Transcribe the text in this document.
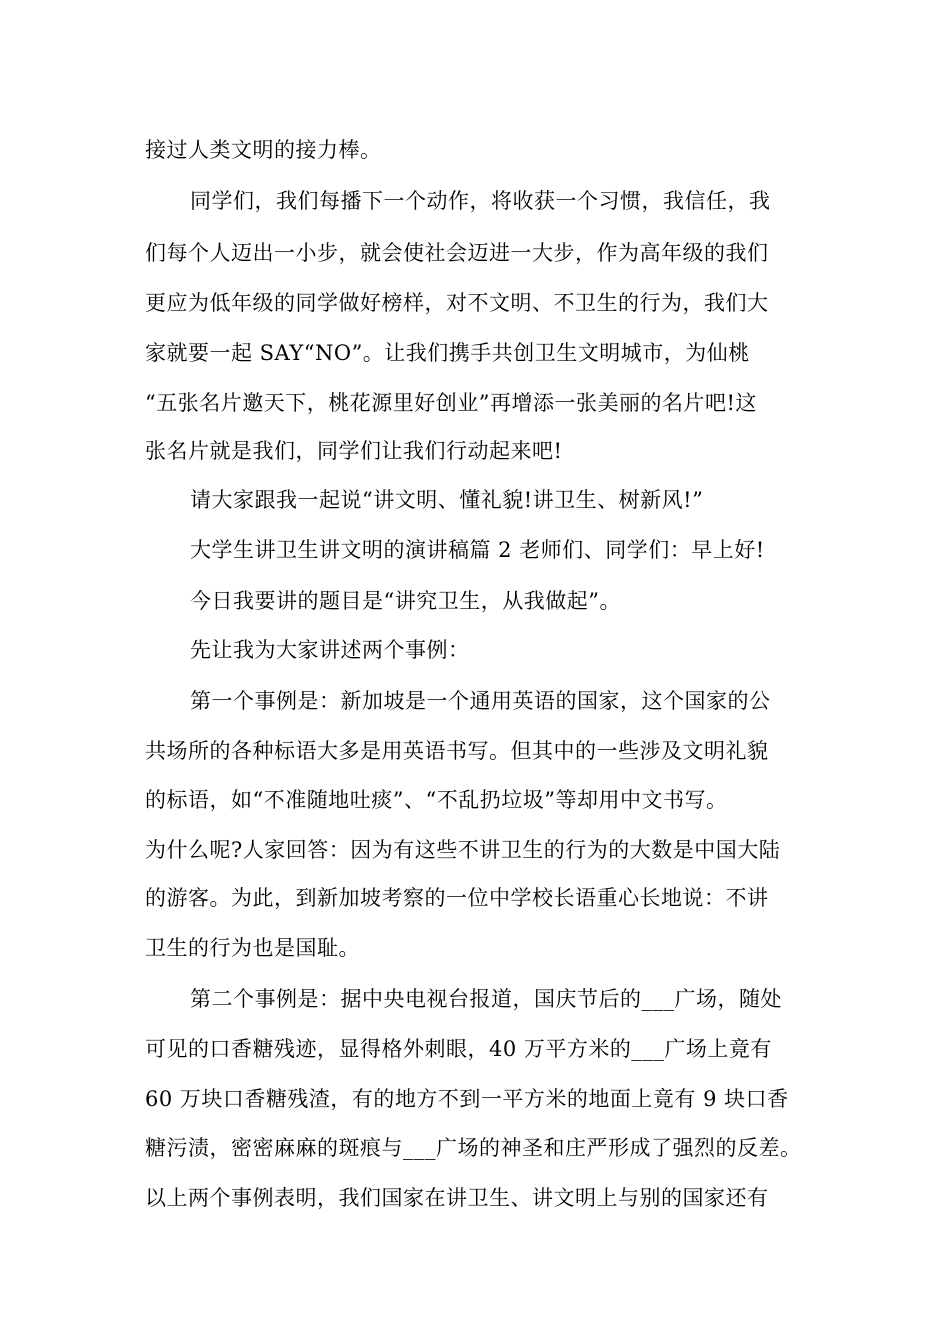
接过人类文明的接力棒。
同学们，我们每播下一个动作，将收获一个习惯，我信任，我
们每个人迈出一小步，就会使社会迈进一大步，作为高年级的我们
更应为低年级的同学做好榜样，对不文明、不卫生的行为，我们大
家就要一起 SAY“NO”。让我们携手共创卫生文明城市，为仙桃
“五张名片邀天下，桃花源里好创业”再增添一张美丽的名片吧!这
张名片就是我们，同学们让我们行动起来吧!
请大家跟我一起说“讲文明、懂礼貌!讲卫生、树新风!”
大学生讲卫生讲文明的演讲稿篇 2 老师们、同学们：早上好!
今日我要讲的题目是“讲究卫生，从我做起”。
先让我为大家讲述两个事例：
第一个事例是：新加坡是一个通用英语的国家，这个国家的公
共场所的各种标语大多是用英语书写。但其中的一些涉及文明礼貌
的标语，如“不准随地吐痰”、“不乱扔垃圾”等却用中文书写。
为什么呢?人家回答：因为有这些不讲卫生的行为的大数是中国大陆
的游客。为此，到新加坡考察的一位中学校长语重心长地说：不讲
卫生的行为也是国耻。
第二个事例是：据中央电视台报道，国庆节后的___广场，随处
可见的口香糖残迹，显得格外刺眼，40 万平方米的___广场上竟有
60 万块口香糖残渣，有的地方不到一平方米的地面上竟有 9 块口香
糖污渍，密密麻麻的斑痕与___广场的神圣和庄严形成了强烈的反差。
以上两个事例表明，我们国家在讲卫生、讲文明上与别的国家还有
